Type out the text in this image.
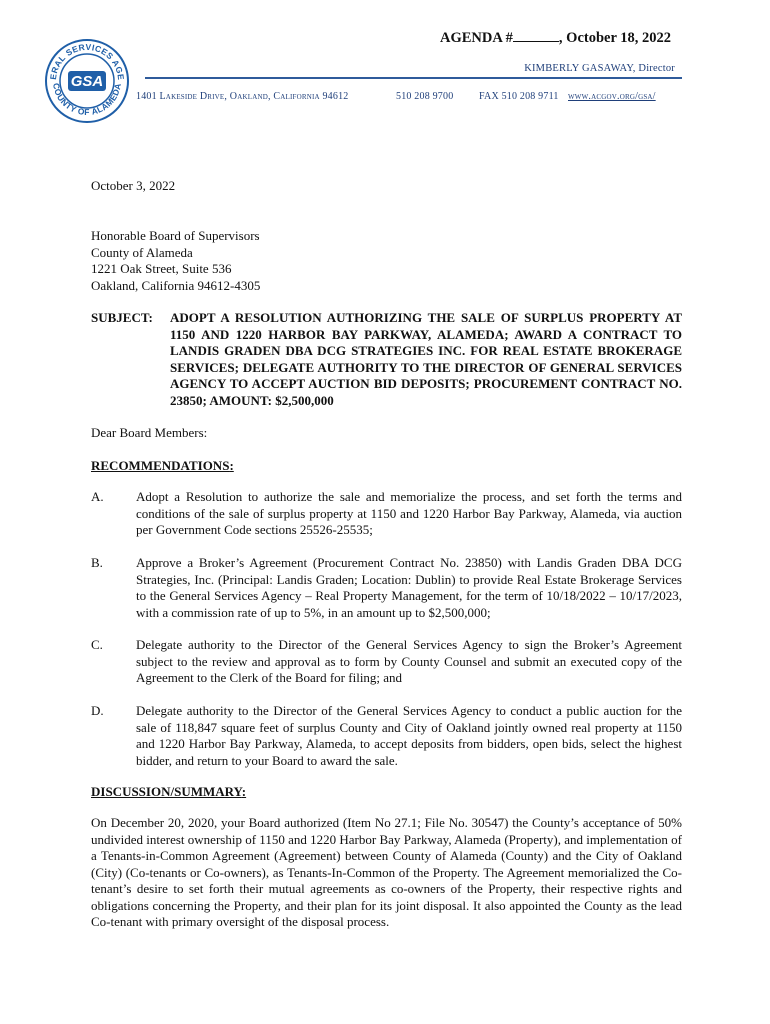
ERAL SERVICES AGE
COUNTY OF ALAMEDA
GSA
AGENDA #	, October 18, 2022
KIMBERLY GASAWAY, Director
1401 Lakeside Drive, Oakland, California 94612	510 208 9700	FAX 510 208 9711 www.acgov.org/gsa/
October 3, 2022
Honorable Board of Supervisors
County of Alameda
1221 Oak Street, Suite 536
Oakland, California 94612-4305
SUBJECT: ADOPT A RESOLUTION AUTHORIZING THE SALE OF SURPLUS PROPERTY AT 1150 AND 1220 HARBOR BAY PARKWAY, ALAMEDA; AWARD A CONTRACT TO LANDIS GRADEN DBA DCG STRATEGIES INC. FOR REAL ESTATE BROKERAGE SERVICES; DELEGATE AUTHORITY TO THE DIRECTOR OF GENERAL SERVICES AGENCY TO ACCEPT AUCTION BID DEPOSITS; PROCUREMENT CONTRACT NO. 23850; AMOUNT: $2,500,000
Dear Board Members:
RECOMMENDATIONS:
A. Adopt a Resolution to authorize the sale and memorialize the process, and set forth the terms and conditions of the sale of surplus property at 1150 and 1220 Harbor Bay Parkway, Alameda, via auction per Government Code sections 25526-25535;
B.	Approve a Broker’s Agreement (Procurement Contract No. 23850) with Landis Graden DBA DCG Strategies, Inc. (Principal: Landis Graden; Location: Dublin) to provide Real Estate Brokerage Services to the General Services Agency – Real Property Management, for the term of 10/18/2022 – 10/17/2023, with a commission rate of up to 5%, in an amount up to $2,500,000;
C.	Delegate authority to the Director of the General Services Agency to sign the Broker’s Agreement subject to the review and approval as to form by County Counsel and submit an executed copy of the Agreement to the Clerk of the Board for filing; and
D. Delegate authority to the Director of the General Services Agency to conduct a public auction for the sale of 118,847 square feet of surplus County and City of Oakland jointly owned real property at 1150 and 1220 Harbor Bay Parkway, Alameda, to accept deposits from bidders, open bids, select the highest bidder, and return to your Board to award the sale.
DISCUSSION/SUMMARY:
On December 20, 2020, your Board authorized (Item No 27.1; File No. 30547) the County’s acceptance of 50% undivided interest ownership of 1150 and 1220 Harbor Bay Parkway, Alameda (Property), and implementation of a Tenants-in-Common Agreement (Agreement) between County of Alameda (County) and the City of Oakland (City) (Co-tenants or Co-owners), as Tenants-In-Common of the Property. The Agreement memorialized the Co-tenant’s desire to set forth their mutual agreements as co-owners of the Property, their respective rights and obligations concerning the Property, and their plan for its joint disposal. It also appointed the County as the lead Co-tenant with primary oversight of the disposal process.
